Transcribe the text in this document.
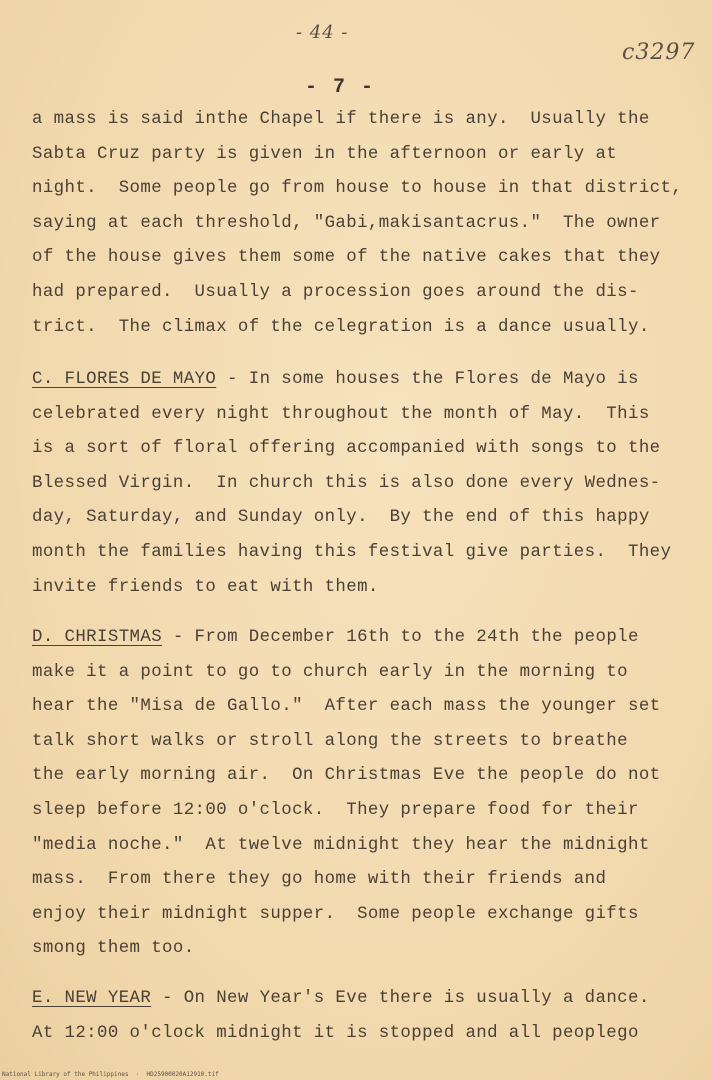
- 44 -
c3297
- 7 -
a mass is said inthe Chapel if there is any.  Usually the
Sabta Cruz party is given in the afternoon or early at
night.  Some people go from house to house in that district,
saying at each threshold, "Gabi,makisantacrus."  The owner
of the house gives them some of the native cakes that they
had prepared.  Usually a procession goes around the dis-
trict.  The climax of the celegration is a dance usually.
C. FLORES DE MAYO - In some houses the Flores de Mayo is
celebrated every night throughout the month of May.  This
is a sort of floral offering accompanied with songs to the
Blessed Virgin.  In church this is also done every Wednes-
day, Saturday, and Sunday only.  By the end of this happy
month the families having this festival give parties.  They
invite friends to eat with them.
D. CHRISTMAS - From December 16th to the 24th the people
make it a point to go to church early in the morning to
hear the "Misa de Gallo."  After each mass the younger set
talk short walks or stroll along the streets to breathe
the early morning air.  On Christmas Eve the people do not
sleep before 12:00 o'clock.  They prepare food for their
"media noche."  At twelve midnight they hear the midnight
mass.  From there they go home with their friends and
enjoy their midnight supper.  Some people exchange gifts
smong them too.
E. NEW YEAR - On New Year's Eve there is usually a dance.
At 12:00 o'clock midnight it is stopped and all peoplego
National Library of the Philippines  ·  HD25900020A12910.tif
